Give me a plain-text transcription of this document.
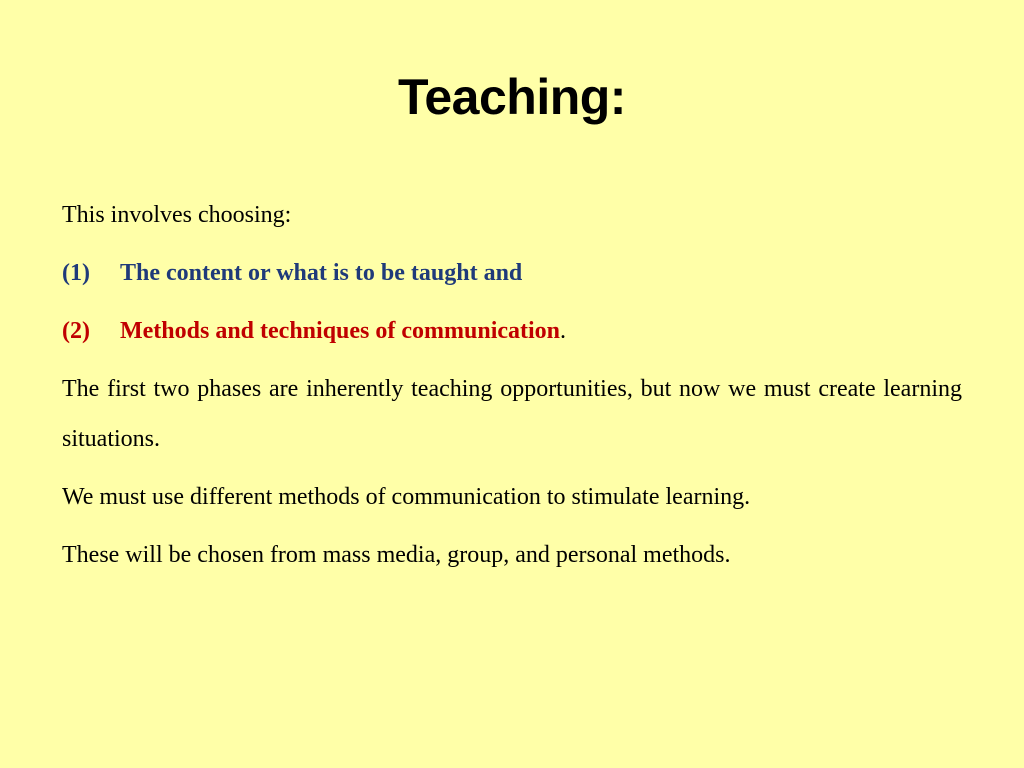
Teaching:

This involves choosing:

(1)	The content or what is to be taught and
(2)	Methods and techniques of communication .

The first two phases are inherently teaching opportunities, but now we must create learning situations.

We must use different methods of communication to stimulate learning.

These will be chosen from mass media, group, and personal methods.
